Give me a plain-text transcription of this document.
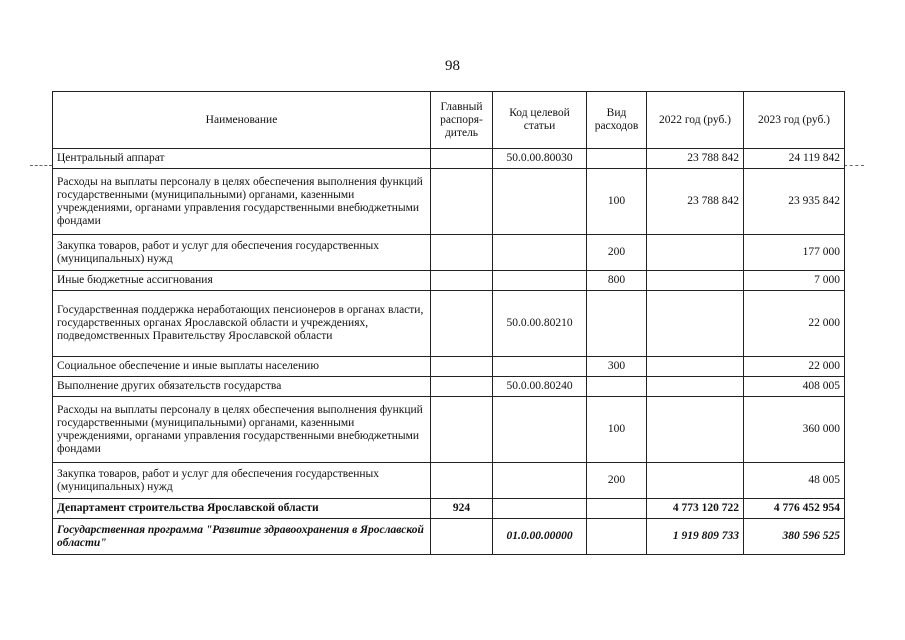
98
Наименование	Главный распоря-дитель	Код целевой статьи	Вид расходов	2022 год (руб.)	2023 год (руб.)
Центральный аппарат		50.0.00.80030		23 788 842	24 119 842
Расходы на выплаты персоналу в целях обеспечения выполнения функций государственными (муниципальными) органами, казенными учреждениями, органами управления государственными внебюджетными фондами			100	23 788 842	23 935 842
Закупка товаров, работ и услуг для обеспечения государственных (муниципальных) нужд			200		177 000
Иные бюджетные ассигнования			800		7 000
Государственная поддержка неработающих пенсионеров в органах власти, государственных органах Ярославской области и учреждениях, подведомственных Правительству Ярославской области		50.0.00.80210			22 000
Социальное обеспечение и иные выплаты населению			300		22 000
Выполнение других обязательств государства		50.0.00.80240			408 005
Расходы на выплаты персоналу в целях обеспечения выполнения функций государственными (муниципальными) органами, казенными учреждениями, органами управления государственными внебюджетными фондами			100		360 000
Закупка товаров, работ и услуг для обеспечения государственных (муниципальных) нужд			200		48 005
Департамент строительства Ярославской области	924			4 773 120 722	4 776 452 954
Государственная программа "Развитие здравоохранения в Ярославской области"		01.0.00.00000		1 919 809 733	380 596 525
